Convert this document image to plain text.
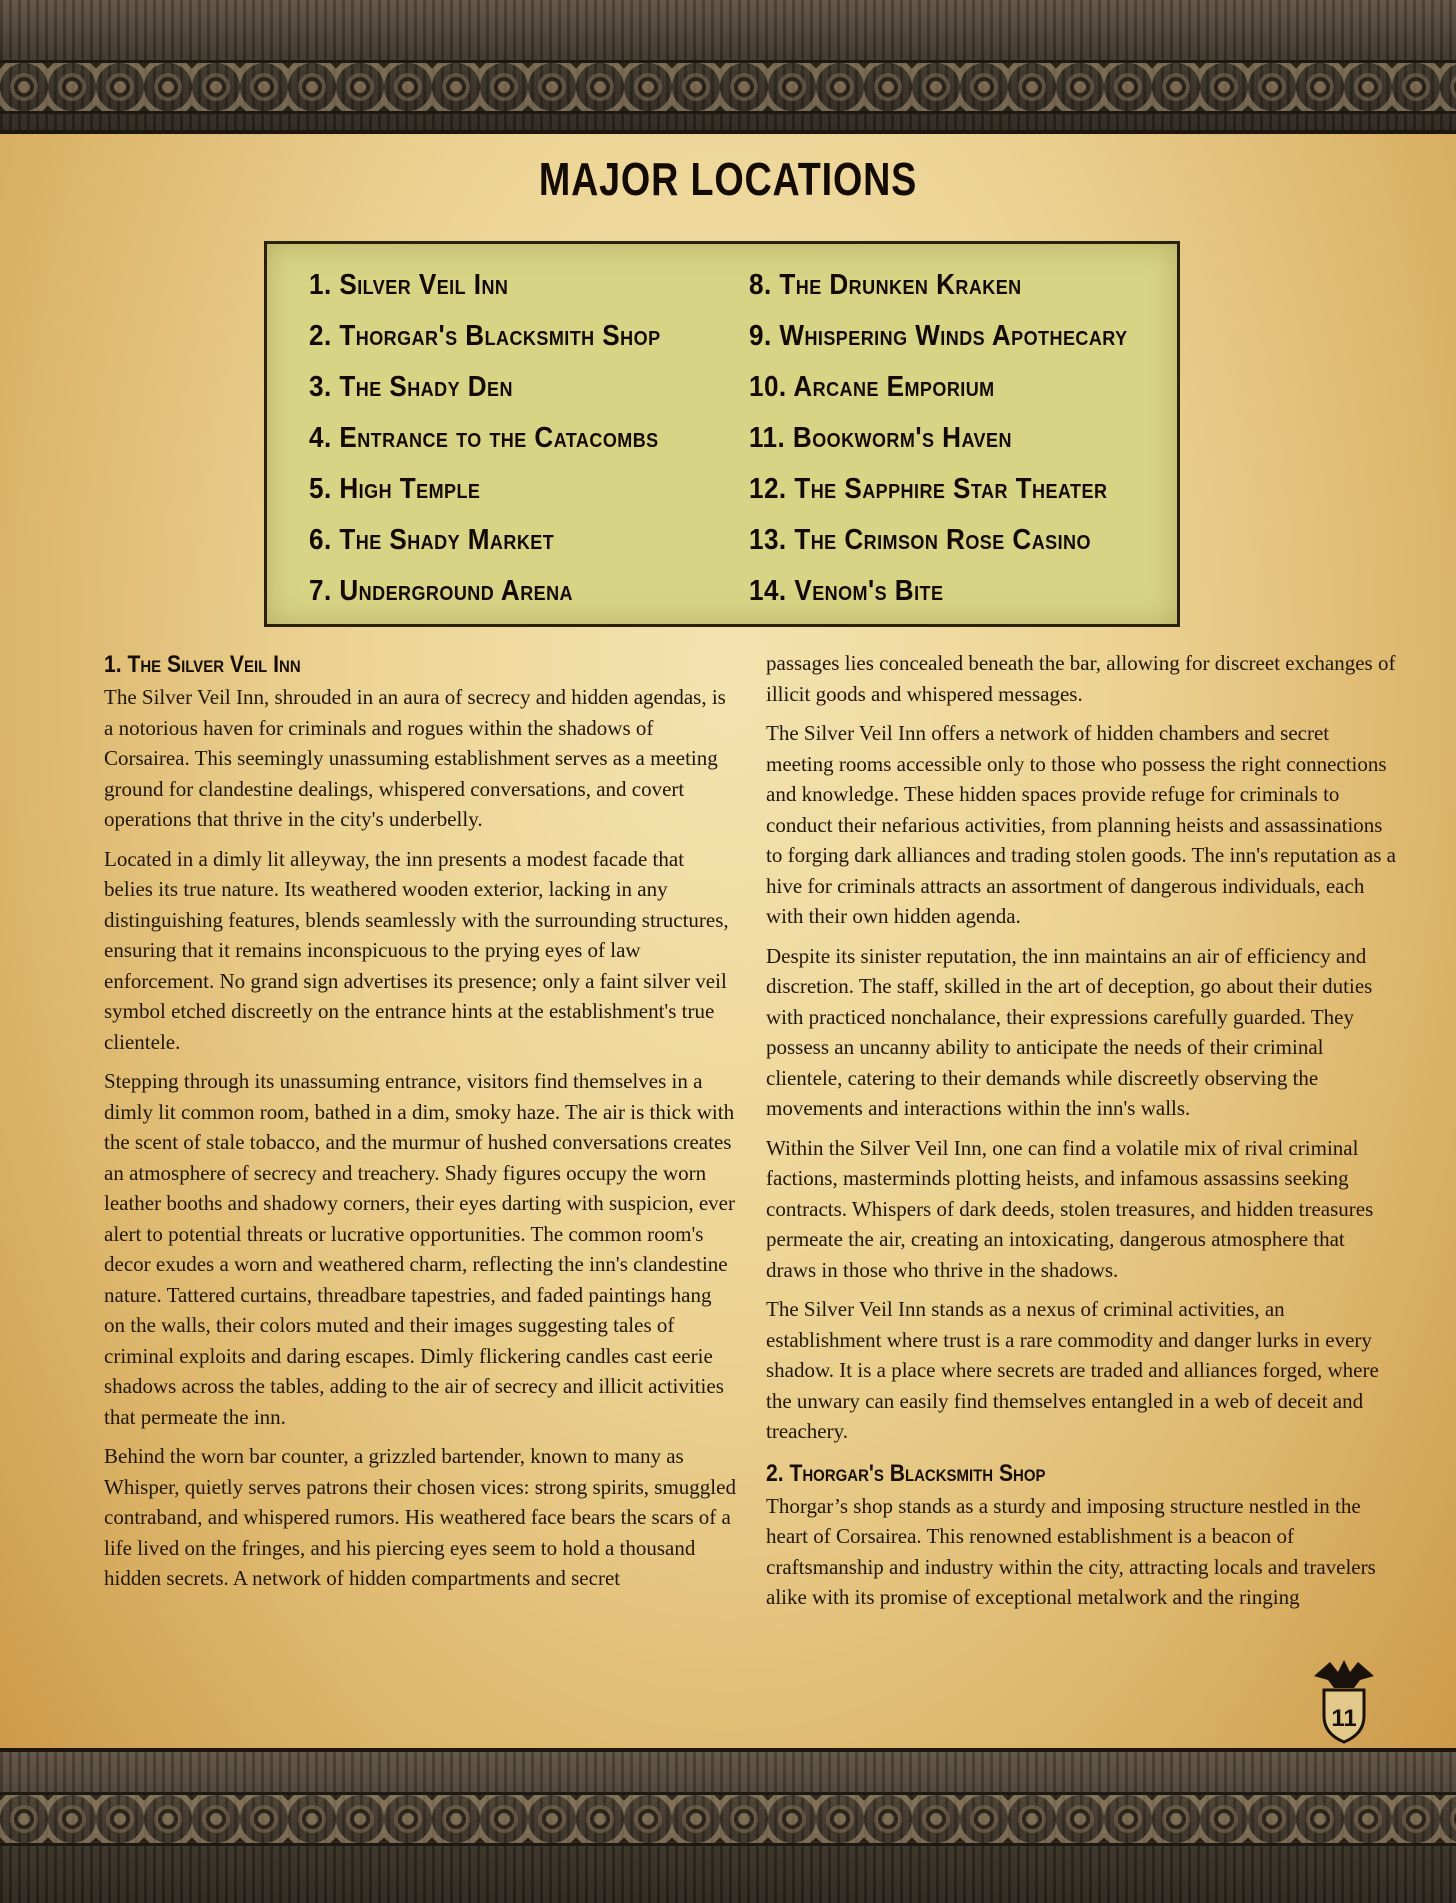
MAJOR LOCATIONS
1. Silver Veil Inn
2. Thorgar's Blacksmith Shop
3. The Shady Den
4. Entrance to the Catacombs
5. High Temple
6. The Shady Market
7. Underground Arena
8. The Drunken Kraken
9. Whispering Winds Apothecary
10. Arcane Emporium
11. Bookworm's Haven
12. The Sapphire Star Theater
13. The Crimson Rose Casino
14. Venom's Bite
1. The Silver Veil Inn

The Silver Veil Inn, shrouded in an aura of secrecy and hidden agendas, is a notorious haven for criminals and rogues within the shadows of Corsairea. This seemingly unassuming establishment serves as a meeting ground for clandestine dealings, whispered conversations, and covert operations that thrive in the city's underbelly.

Located in a dimly lit alleyway, the inn presents a modest facade that belies its true nature. Its weathered wooden exterior, lacking in any distinguishing features, blends seamlessly with the surrounding structures, ensuring that it remains inconspicuous to the prying eyes of law enforcement. No grand sign advertises its presence; only a faint silver veil symbol etched discreetly on the entrance hints at the establishment's true clientele.

Stepping through its unassuming entrance, visitors find themselves in a dimly lit common room, bathed in a dim, smoky haze. The air is thick with the scent of stale tobacco, and the murmur of hushed conversations creates an atmosphere of secrecy and treachery. Shady figures occupy the worn leather booths and shadowy corners, their eyes darting with suspicion, ever alert to potential threats or lucrative opportunities. The common room's decor exudes a worn and weathered charm, reflecting the inn's clandestine nature. Tattered curtains, threadbare tapestries, and faded paintings hang on the walls, their colors muted and their images suggesting tales of criminal exploits and daring escapes. Dimly flickering candles cast eerie shadows across the tables, adding to the air of secrecy and illicit activities that permeate the inn.

Behind the worn bar counter, a grizzled bartender, known to many as Whisper, quietly serves patrons their chosen vices: strong spirits, smuggled contraband, and whispered rumors. His weathered face bears the scars of a life lived on the fringes, and his piercing eyes seem to hold a thousand hidden secrets. A network of hidden compartments and secret

passages lies concealed beneath the bar, allowing for discreet exchanges of illicit goods and whispered messages.

The Silver Veil Inn offers a network of hidden chambers and secret meeting rooms accessible only to those who possess the right connections and knowledge. These hidden spaces provide refuge for criminals to conduct their nefarious activities, from planning heists and assassinations to forging dark alliances and trading stolen goods. The inn's reputation as a hive for criminals attracts an assortment of dangerous individuals, each with their own hidden agenda.

Despite its sinister reputation, the inn maintains an air of efficiency and discretion. The staff, skilled in the art of deception, go about their duties with practiced nonchalance, their expressions carefully guarded. They possess an uncanny ability to anticipate the needs of their criminal clientele, catering to their demands while discreetly observing the movements and interactions within the inn's walls.

Within the Silver Veil Inn, one can find a volatile mix of rival criminal factions, masterminds plotting heists, and infamous assassins seeking contracts. Whispers of dark deeds, stolen treasures, and hidden treasures permeate the air, creating an intoxicating, dangerous atmosphere that draws in those who thrive in the shadows.

The Silver Veil Inn stands as a nexus of criminal activities, an establishment where trust is a rare commodity and danger lurks in every shadow. It is a place where secrets are traded and alliances forged, where the unwary can easily find themselves entangled in a web of deceit and treachery.

2. Thorgar's Blacksmith Shop

Thorgar’s shop stands as a sturdy and imposing structure nestled in the heart of Corsairea. This renowned establishment is a beacon of craftsmanship and industry within the city, attracting locals and travelers alike with its promise of exceptional metalwork and the ringing

11
